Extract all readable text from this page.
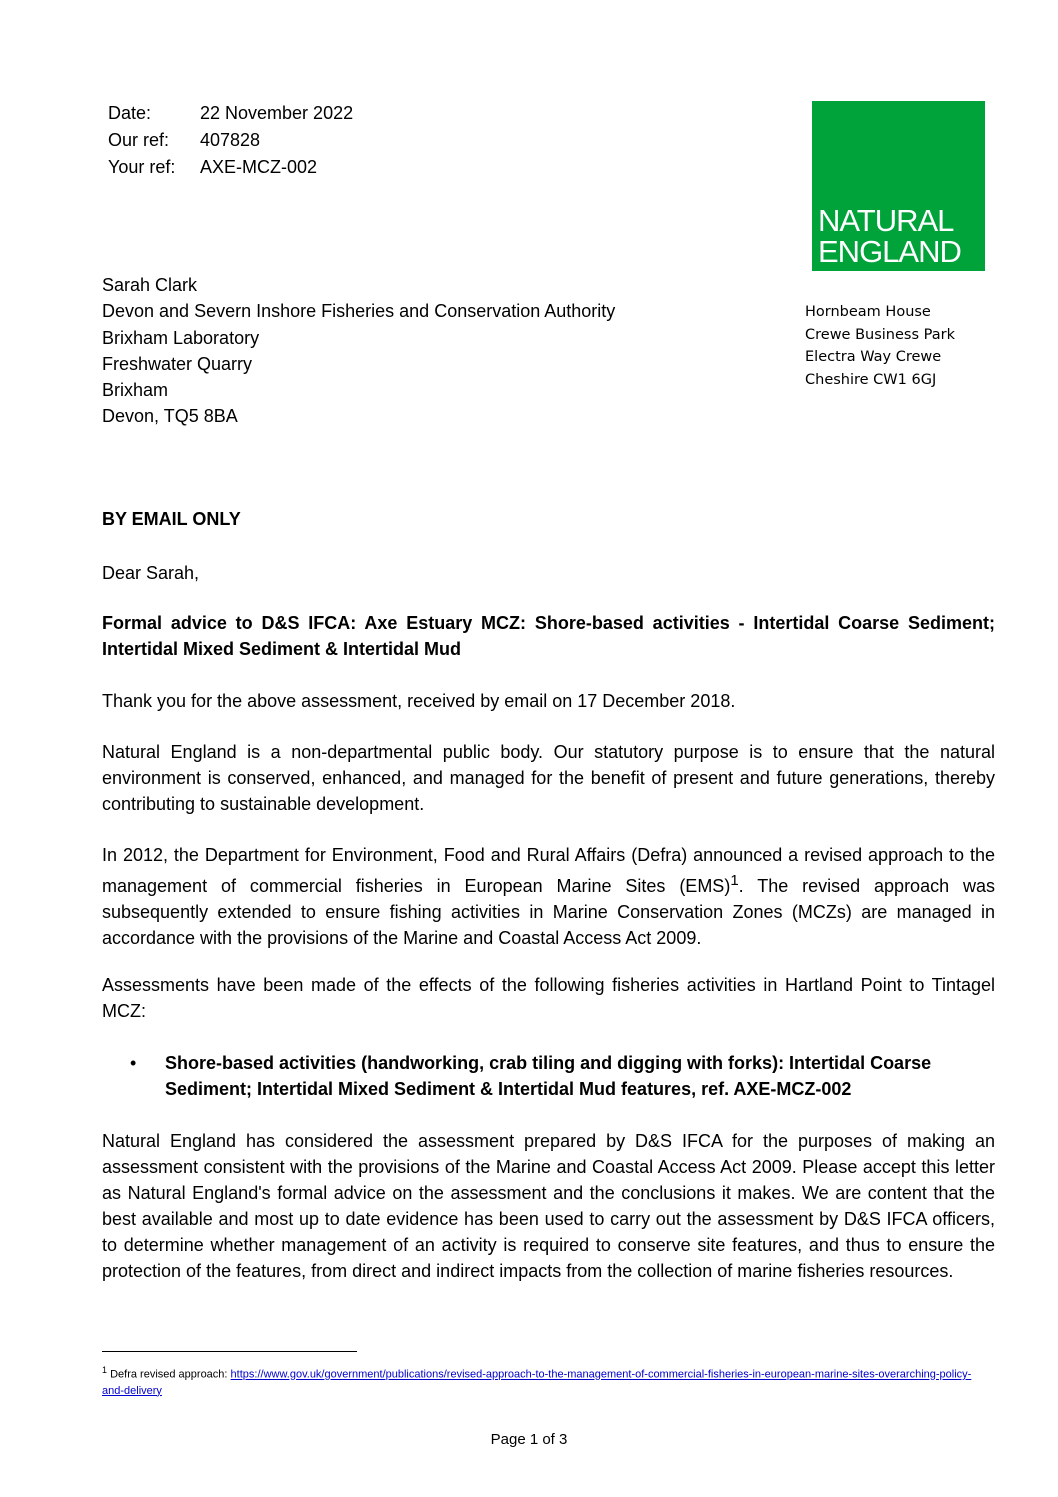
Date:	22 November 2022
Our ref:	407828
Your ref:	AXE-MCZ-002
NATURAL
ENGLAND
Hornbeam House
Crewe Business Park
Electra Way Crewe
Cheshire CW1 6GJ
Sarah Clark
Devon and Severn Inshore Fisheries and Conservation Authority
Brixham Laboratory
Freshwater Quarry
Brixham
Devon, TQ5 8BA
BY EMAIL ONLY
Dear Sarah,
Formal advice to D&S IFCA: Axe Estuary MCZ: Shore-based activities - Intertidal Coarse Sediment; Intertidal Mixed Sediment & Intertidal Mud
Thank you for the above assessment, received by email on 17 December 2018.
Natural England is a non-departmental public body. Our statutory purpose is to ensure that the natural environment is conserved, enhanced, and managed for the benefit of present and future generations, thereby contributing to sustainable development.
In 2012, the Department for Environment, Food and Rural Affairs (Defra) announced a revised approach to the management of commercial fisheries in European Marine Sites (EMS)$^1$. The revised approach was subsequently extended to ensure fishing activities in Marine Conservation Zones (MCZs) are managed in accordance with the provisions of the Marine and Coastal Access Act 2009.
Assessments have been made of the effects of the following fisheries activities in Hartland Point to Tintagel MCZ:
•	Shore-based activities (handworking, crab tiling and digging with forks): Intertidal Coarse Sediment; Intertidal Mixed Sediment & Intertidal Mud features, ref. AXE-MCZ-002
Natural England has considered the assessment prepared by D&S IFCA for the purposes of making an assessment consistent with the provisions of the Marine and Coastal Access Act 2009. Please accept this letter as Natural England's formal advice on the assessment and the conclusions it makes. We are content that the best available and most up to date evidence has been used to carry out the assessment by D&S IFCA officers, to determine whether management of an activity is required to conserve site features, and thus to ensure the protection of the features, from direct and indirect impacts from the collection of marine fisheries resources.
$^1$ Defra revised approach: https://www.gov.uk/government/publications/revised-approach-to-the-management-of-commercial-fisheries-in-european-marine-sites-overarching-policy-and-delivery
Page 1 of 3
